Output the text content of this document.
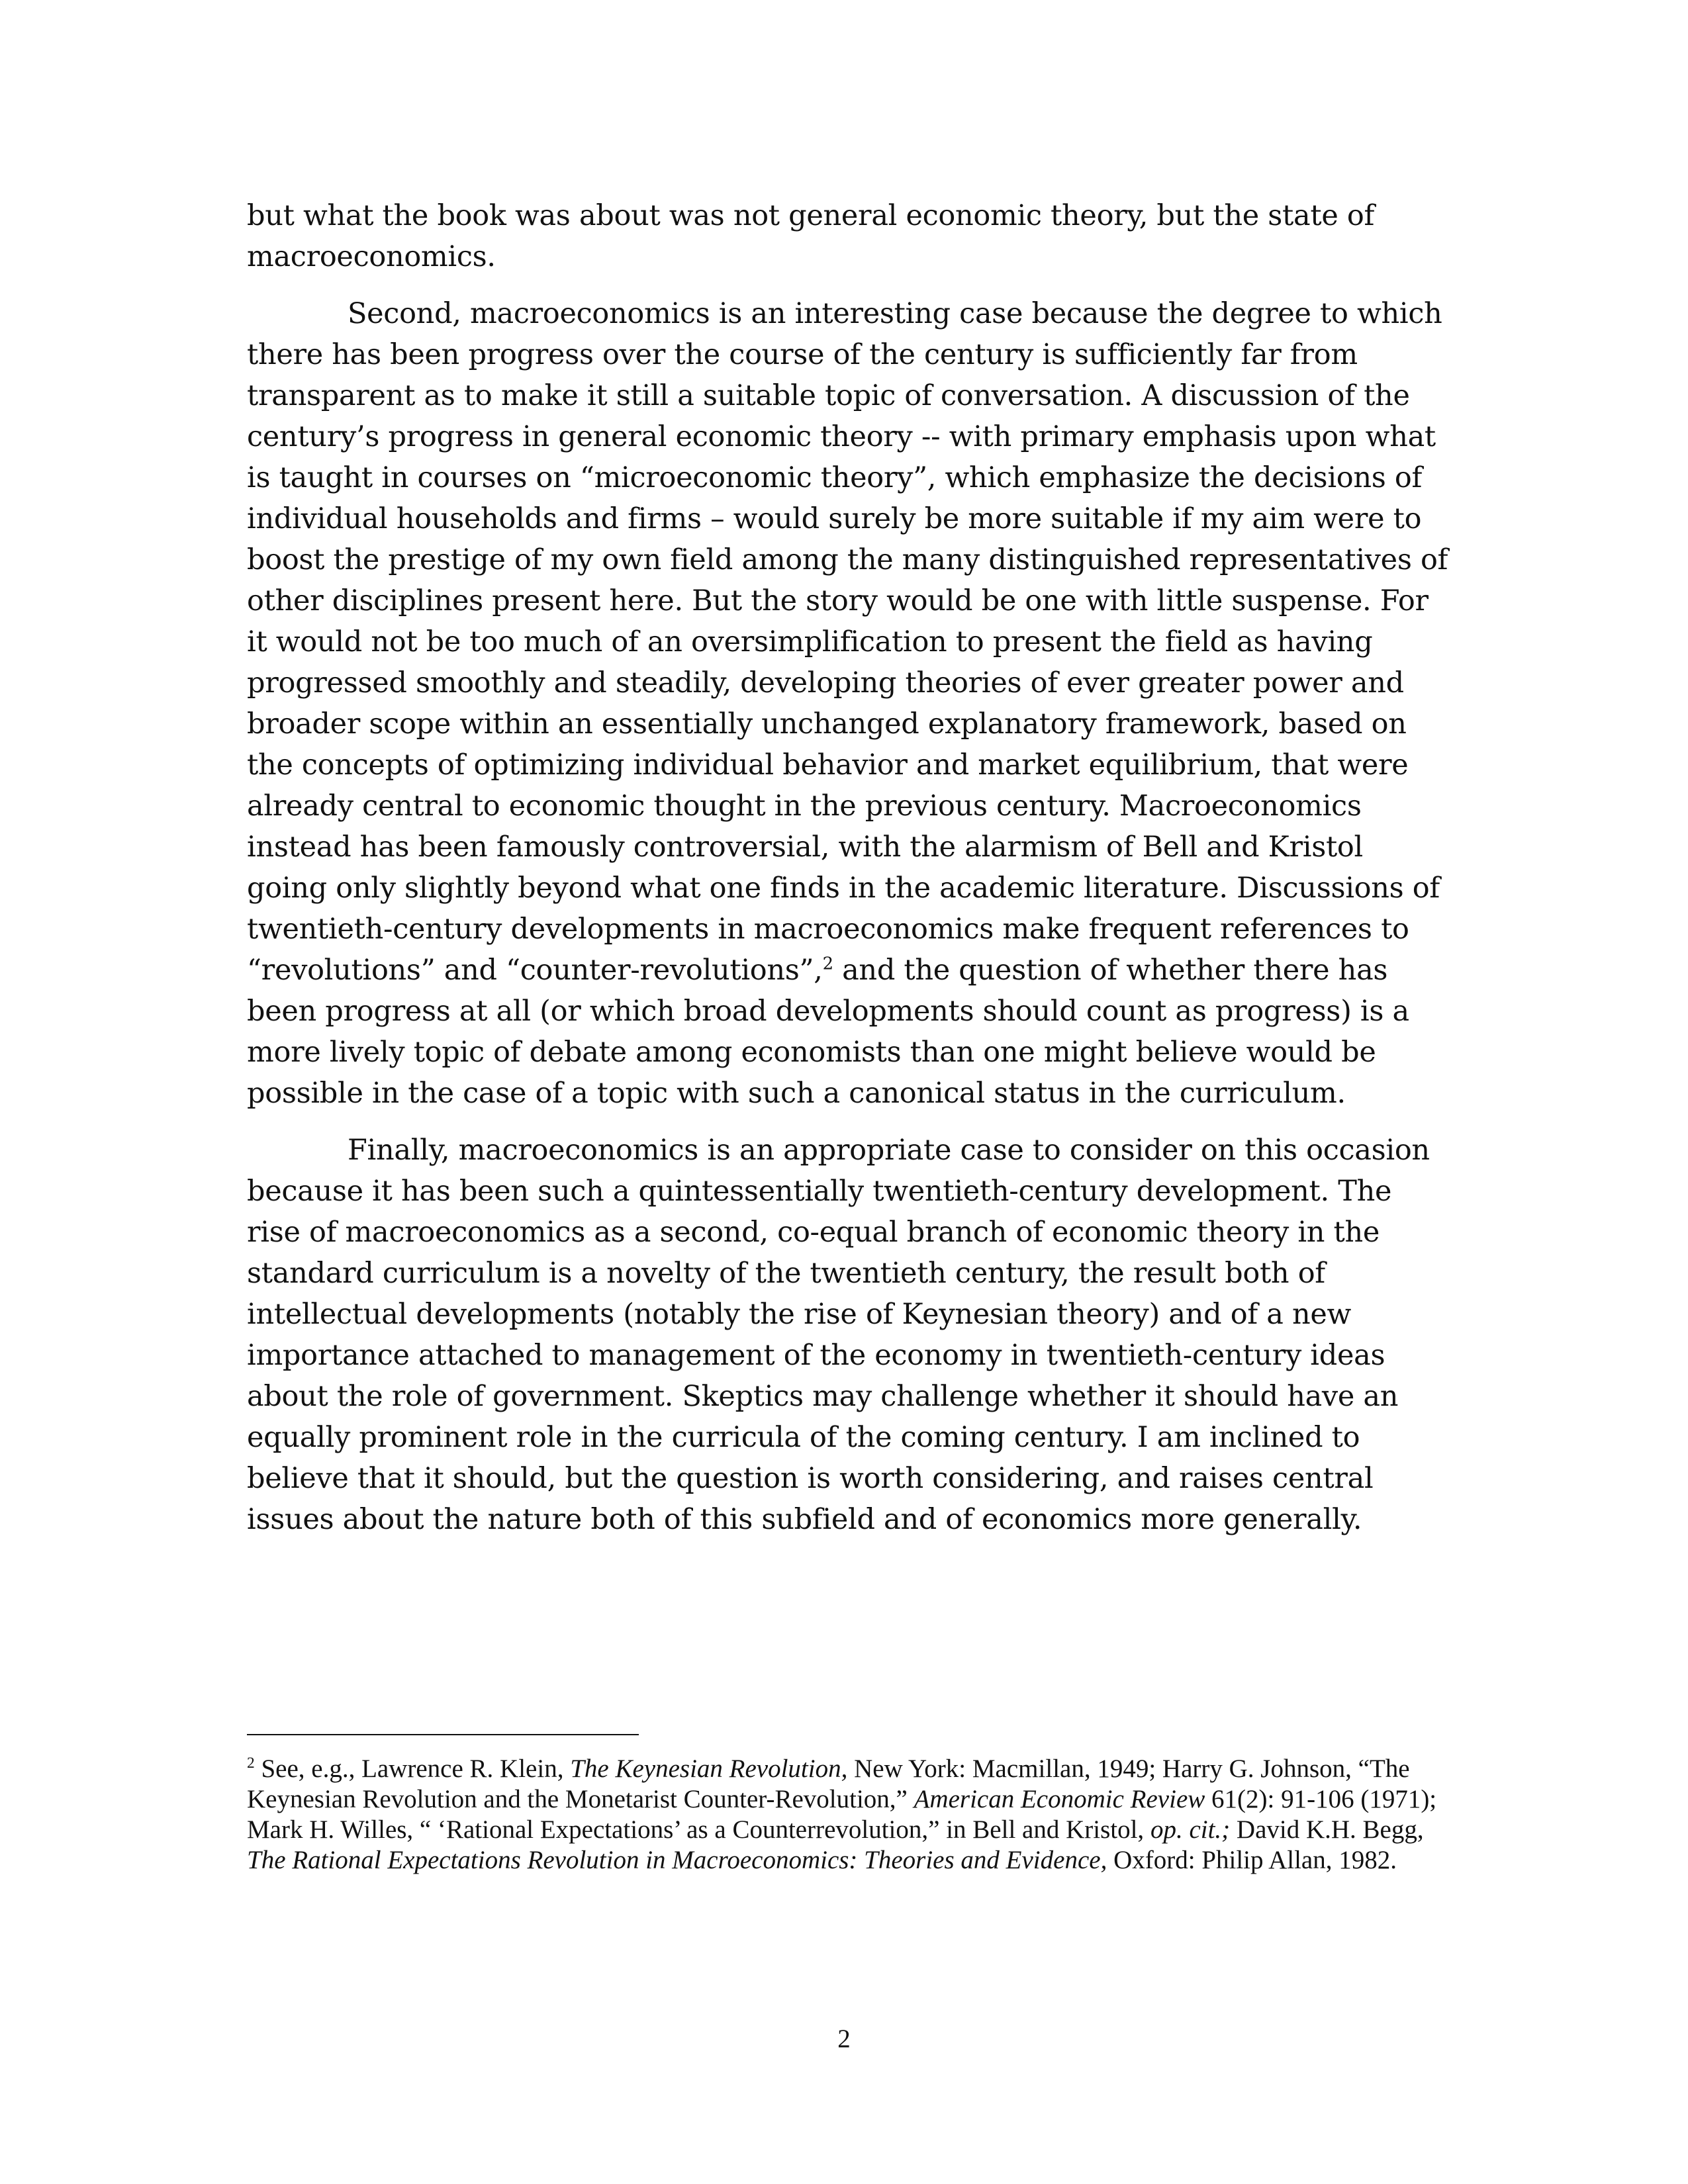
but what the book was about was not general economic theory, but the state of macroeconomics.

Second, macroeconomics is an interesting case because the degree to which there has been progress over the course of the century is sufficiently far from transparent as to make it still a suitable topic of conversation. A discussion of the century’s progress in general economic theory -- with primary emphasis upon what is taught in courses on “microeconomic theory”, which emphasize the decisions of individual households and firms – would surely be more suitable if my aim were to boost the prestige of my own field among the many distinguished representatives of other disciplines present here. But the story would be one with little suspense. For it would not be too much of an oversimplification to present the field as having progressed smoothly and steadily, developing theories of ever greater power and broader scope within an essentially unchanged explanatory framework, based on the concepts of optimizing individual behavior and market equilibrium, that were already central to economic thought in the previous century. Macroeconomics instead has been famously controversial, with the alarmism of Bell and Kristol going only slightly beyond what one finds in the academic literature. Discussions of twentieth-century developments in macroeconomics make frequent references to “revolutions” and “counter-revolutions”,$^2$ and the question of whether there has been progress at all (or which broad developments should count as progress) is a more lively topic of debate among economists than one might believe would be possible in the case of a topic with such a canonical status in the curriculum.

Finally, macroeconomics is an appropriate case to consider on this occasion because it has been such a quintessentially twentieth-century development. The rise of macroeconomics as a second, co-equal branch of economic theory in the standard curriculum is a novelty of the twentieth century, the result both of intellectual developments (notably the rise of Keynesian theory) and of a new importance attached to management of the economy in twentieth-century ideas about the role of government. Skeptics may challenge whether it should have an equally prominent role in the curricula of the coming century. I am inclined to believe that it should, but the question is worth considering, and raises central issues about the nature both of this subfield and of economics more generally.

$^2$ See, e.g., Lawrence R. Klein, The Keynesian Revolution, New York: Macmillan, 1949; Harry G. Johnson, “The Keynesian Revolution and the Monetarist Counter-Revolution,” American Economic Review 61(2): 91-106 (1971); Mark H. Willes, “ ‘Rational Expectations’ as a Counterrevolution,” in Bell and Kristol, op. cit.; David K.H. Begg, The Rational Expectations Revolution in Macroeconomics: Theories and Evidence, Oxford: Philip Allan, 1982.

2
